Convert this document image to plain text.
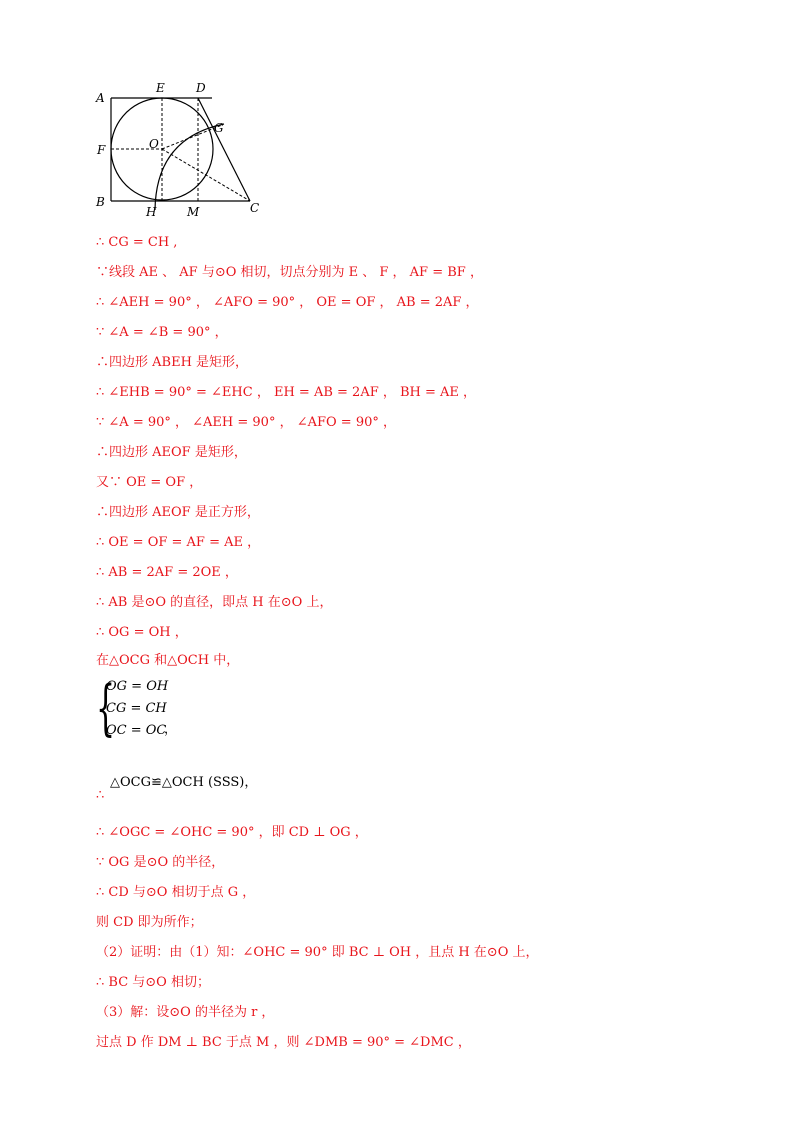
A
E	D
G
O
F
B
H	M	C
∴ CG = CH ,
∵线段 AE 、 AF 与⊙O 相切，切点分别为 E 、 F ， AF = BF ，
∴ ∠AEH = 90° ， ∠AFO = 90° ， OE = OF ， AB = 2AF ，
∵ ∠A = ∠B = 90° ，
∴四边形 ABEH 是矩形，
∴ ∠EHB = 90° = ∠EHC ， EH = AB = 2AF ， BH = AE ，
∵ ∠A = 90° ， ∠AEH = 90° ， ∠AFO = 90° ，
∴四边形 AEOF 是矩形，
又∵ OE = OF ，
∴四边形 AEOF 是正方形，
∴ OE = OF = AF = AE ，
∴ AB = 2AF = 2OE ，
∴ AB 是⊙O 的直径，即点 H 在⊙O 上，
∴ OG = OH ，
在△OCG 和△OCH 中，
{
OG = OH
CG = CH
OC = OC
，
△OCG≌△OCH (SSS)，
∴
∴ ∠OGC = ∠OHC = 90° ，即 CD ⊥ OG ，
∵ OG 是⊙O 的半径，
∴ CD 与⊙O 相切于点 G ，
则 CD 即为所作；
（2）证明：由（1）知：∠OHC = 90° 即 BC ⊥ OH ，且点 H 在⊙O 上，
∴ BC 与⊙O 相切；
（3）解：设⊙O 的半径为 r ，
过点 D 作 DM ⊥ BC 于点 M ，则 ∠DMB = 90° = ∠DMC ，
